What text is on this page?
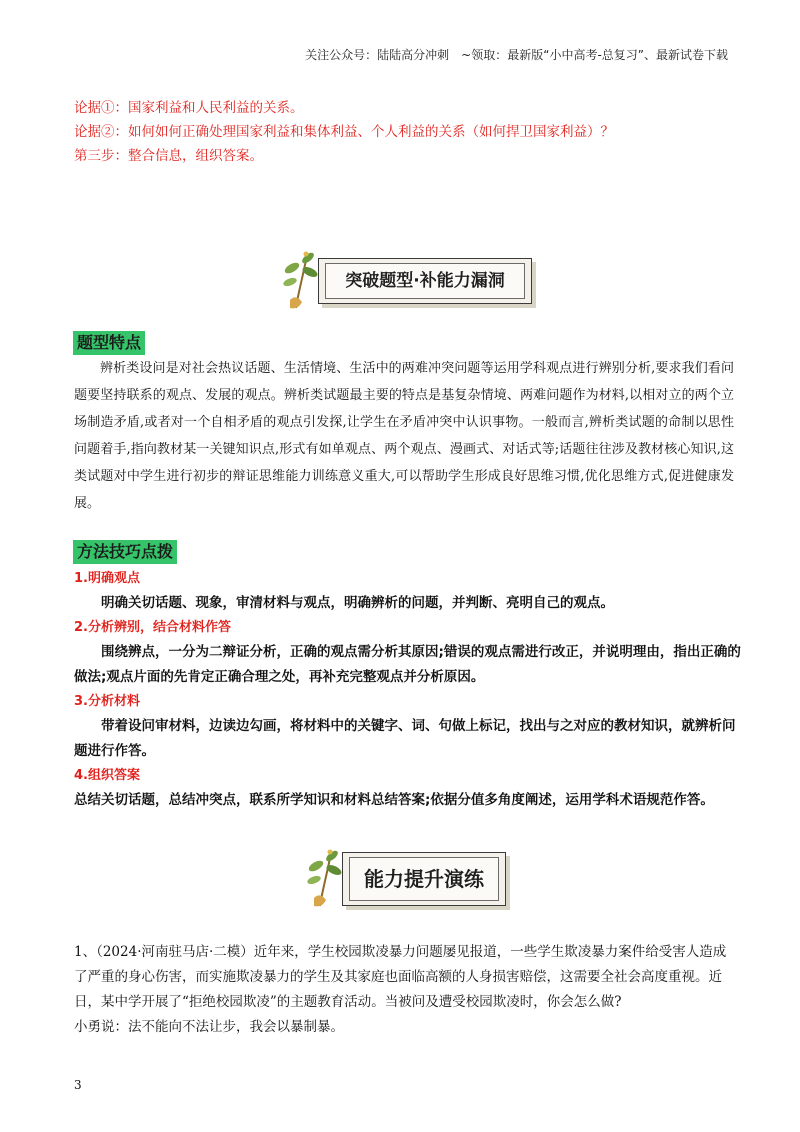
关注公众号：陆陆高分冲刺　~领取：最新版“小中高考-总复习”、最新试卷下载
论据①：国家利益和人民利益的关系。
论据②：如何如何正确处理国家利益和集体利益、个人利益的关系（如何捍卫国家利益）？
第三步：整合信息，组织答案。
突破题型·补能力漏洞
题型特点
辨析类设问是对社会热议话题、生活情境、生活中的两难冲突问题等运用学科观点进行辨别分析,要求我们看问题要坚持联系的观点、发展的观点。辨析类试题最主要的特点是基复杂情境、两难问题作为材料,以相对立的两个立场制造矛盾,或者对一个自相矛盾的观点引发探,让学生在矛盾冲突中认识事物。一般而言,辨析类试题的命制以思性问题着手,指向教材某一关键知识点,形式有如单观点、两个观点、漫画式、对话式等;话题往往涉及教材核心知识,这类试题对中学生进行初步的辩证思维能力训练意义重大,可以帮助学生形成良好思维习惯,优化思维方式,促进健康发展。
方法技巧点拨
1.明确观点
明确关切话题、现象，审清材料与观点，明确辨析的问题，并判断、亮明自己的观点。
2.分析辨别，结合材料作答
围绕辨点，一分为二辩证分析，正确的观点需分析其原因;错误的观点需进行改正，并说明理由，指出正确的做法;观点片面的先肯定正确合理之处，再补充完整观点并分析原因。
3.分析材料
带着设问审材料，边读边勾画，将材料中的关键字、词、句做上标记，找出与之对应的教材知识，就辨析问题进行作答。
4.组织答案
总结关切话题，总结冲突点，联系所学知识和材料总结答案;依据分值多角度阐述，运用学科术语规范作答。
能力提升演练
1、（2024·河南驻马店·二模）近年来，学生校园欺凌暴力问题屡见报道，一些学生欺凌暴力案件给受害人造成了严重的身心伤害，而实施欺凌暴力的学生及其家庭也面临高额的人身损害赔偿，这需要全社会高度重视。近日，某中学开展了“拒绝校园欺凌”的主题教育活动。当被问及遭受校园欺凌时，你会怎么做?
小勇说：法不能向不法让步，我会以暴制暴。
3
